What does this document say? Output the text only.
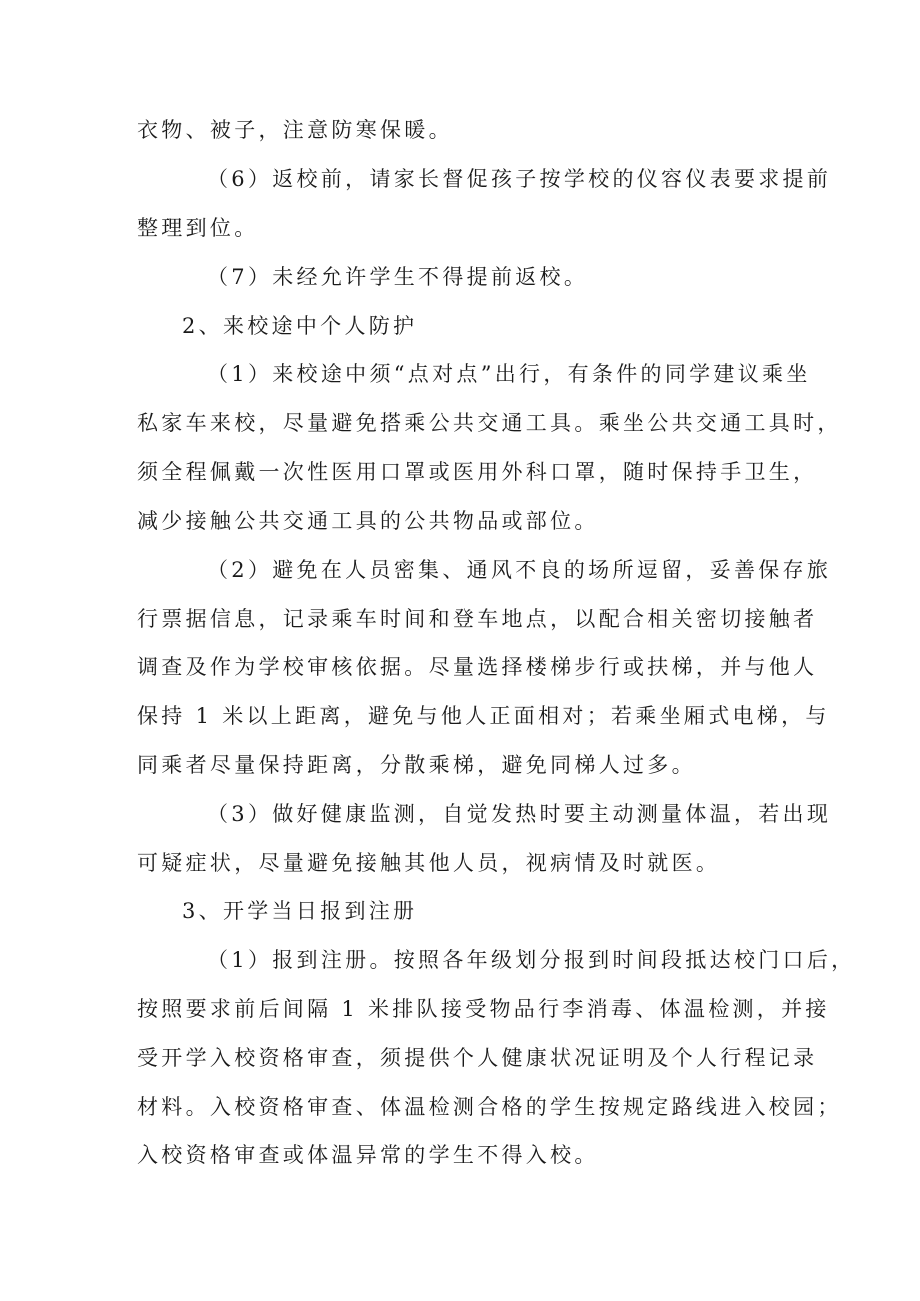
衣物、被子，注意防寒保暖。
（6）返校前，请家长督促孩子按学校的仪容仪表要求提前
整理到位。
（7）未经允许学生不得提前返校。
2、来校途中个人防护
（1）来校途中须“点对点”出行，有条件的同学建议乘坐
私家车来校，尽量避免搭乘公共交通工具。乘坐公共交通工具时，
须全程佩戴一次性医用口罩或医用外科口罩，随时保持手卫生，
减少接触公共交通工具的公共物品或部位。
（2）避免在人员密集、通风不良的场所逗留，妥善保存旅
行票据信息，记录乘车时间和登车地点，以配合相关密切接触者
调查及作为学校审核依据。尽量选择楼梯步行或扶梯，并与他人
保持 1 米以上距离，避免与他人正面相对；若乘坐厢式电梯，与
同乘者尽量保持距离，分散乘梯，避免同梯人过多。
（3）做好健康监测，自觉发热时要主动测量体温，若出现
可疑症状，尽量避免接触其他人员，视病情及时就医。
3、开学当日报到注册
（1）报到注册。按照各年级划分报到时间段抵达校门口后，
按照要求前后间隔 1 米排队接受物品行李消毒、体温检测，并接
受开学入校资格审查，须提供个人健康状况证明及个人行程记录
材料。入校资格审查、体温检测合格的学生按规定路线进入校园；
入校资格审查或体温异常的学生不得入校。
